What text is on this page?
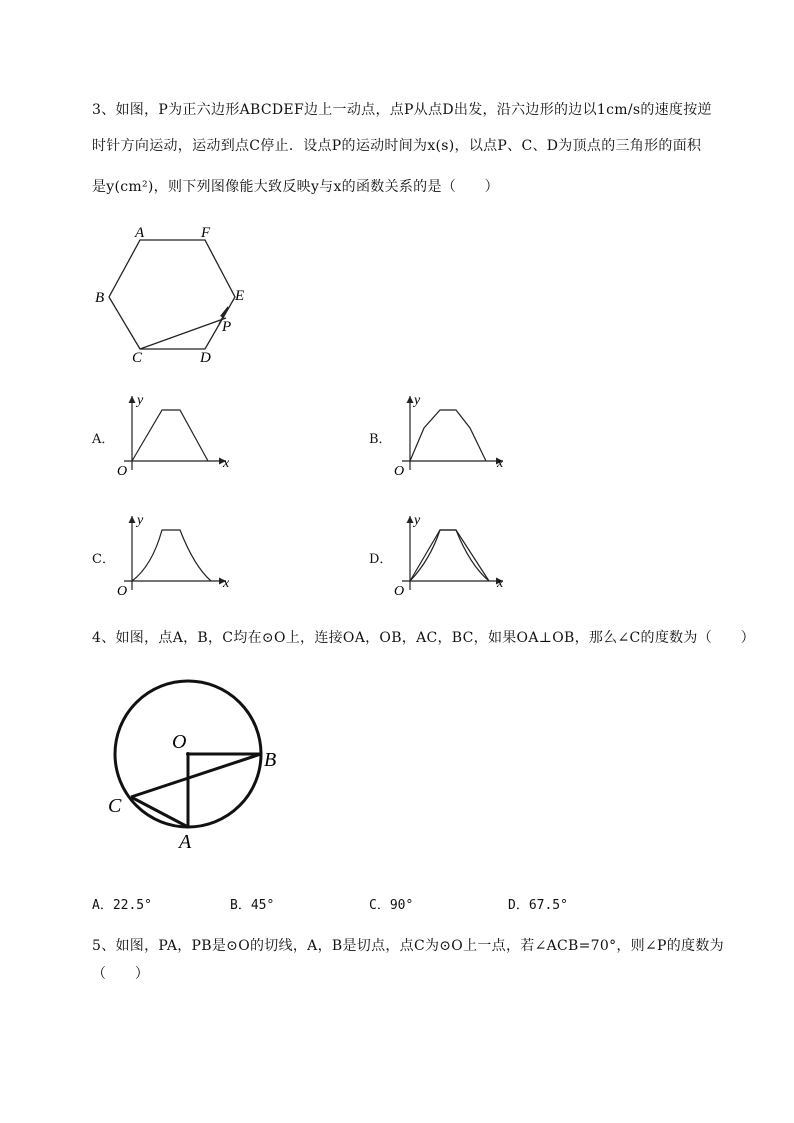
3、如图，P为正六边形ABCDEF边上一动点，点P从点D出发，沿六边形的边以1cm/s的速度按逆
时针方向运动，运动到点C停止．设点P的运动时间为x(s)，以点P、C、D为顶点的三角形的面积
是y(cm²)，则下列图像能大致反映y与x的函数关系的是（　　）
A	F
B	E
P
C	D
A．	B．
C．	D．
y
x
O
y
x
O
y
x
O
y
x
O
4、如图，点A，B，C均在⊙O上，连接OA，OB，AC，BC，如果OA⊥OB，那么∠C的度数为（　　）
O
B
C
A
A．22.5°	B．45°	C．90°	D．67.5°
5、如图，PA，PB是⊙O的切线，A，B是切点，点C为⊙O上一点，若∠ACB=70°，则∠P的度数为
（　　）
